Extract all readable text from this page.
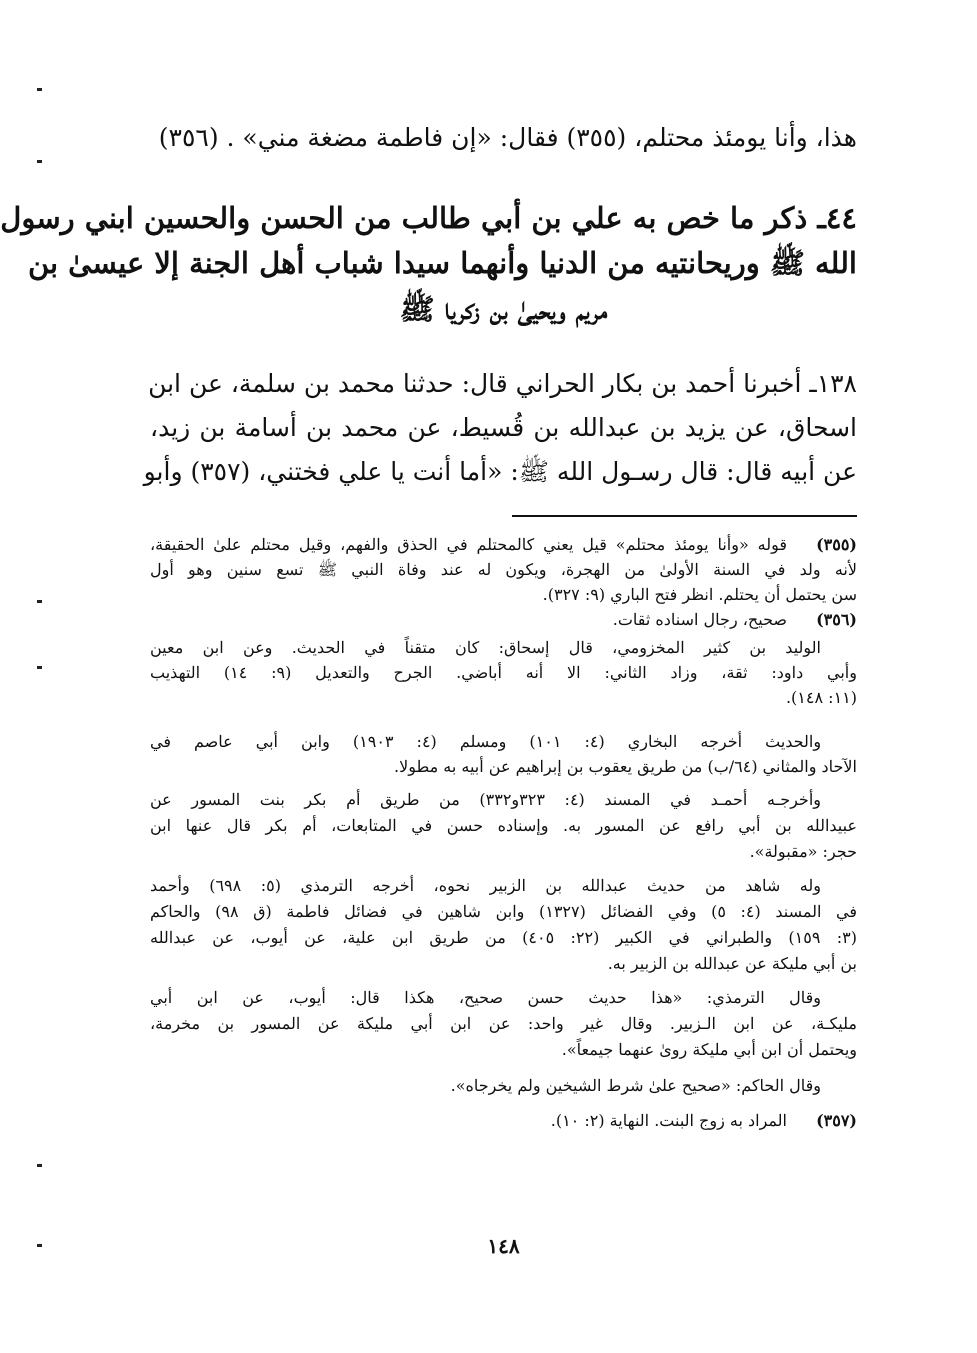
هذا، وأنا يومئذ محتلم، (٣٥٥) فقال: «إن فاطمة مضغة مني» . (٣٥٦)
٤٤ـ ذكر ما خص به علي بن أبي طالب من الحسن والحسين ابني رسول
الله ﷺ وريحانتيه من الدنيا وأنهما سيدا شباب أهل الجنة إلا عيسىٰ بن
مريم ويحيىٰ بن زكريا ﷺ
١٣٨ـ أخبرنا أحمد بن بكار الحراني قال: حدثنا محمد بن سلمة، عن ابن
اسحاق، عن يزيد بن عبدالله بن قُسيط، عن محمد بن أسامة بن زيد،
عن أبيه قال: قال رسـول الله ﷺ: «أما أنت يا علي فختني، (٣٥٧) وأبو
(٣٥٥)
قوله «وأنا يومئذ محتلم» قيل يعني كالمحتلم في الحذق والفهم، وقيل محتلم علىٰ الحقيقة،
لأنه ولد في السنة الأولىٰ من الهجرة، ويكون له عند وفاة النبي ﷺ تسع سنين وهو أول
سن يحتمل أن يحتلم. انظر فتح الباري (٩: ٣٢٧).
(٣٥٦)
صحيح، رجال اسناده ثقات.
الوليد بن كثير المخزومي، قال إسحاق: كان متقناً في الحديث. وعن ابن معين
وأبي داود: ثقة، وزاد الثاني: الا أنه أباضي. الجرح والتعديل (٩: ١٤) التهذيب
(١١: ١٤٨).
والحديث أخرجه البخاري (٤: ١٠١) ومسلم (٤: ١٩٠٣) وابن أبي عاصم في
الآحاد والمثاني (٦٤/ب) من طريق يعقوب بن إبراهيم عن أبيه به مطولا.
وأخرجـه أحمـد في المسند (٤: ٣٢٣و٣٣٢) من طريق أم بكر بنت المسور عن
عبيدالله بن أبي رافع عن المسور به. وإسناده حسن في المتابعات، أم بكر قال عنها ابن
حجر: «مقبولة».
وله شاهد من حديث عبدالله بن الزبير نحوه، أخرجه الترمذي (٥: ٦٩٨) وأحمد
في المسند (٤: ٥) وفي الفضائل (١٣٢٧) وابن شاهين في فضائل فاطمة (ق ٩٨) والحاكم
(٣: ١٥٩) والطبراني في الكبير (٢٢: ٤٠٥) من طريق ابن علية، عن أيوب، عن عبدالله
بن أبي مليكة عن عبدالله بن الزبير به.
وقال الترمذي: «هذا حديث حسن صحيح، هكذا قال: أيوب، عن ابن أبي
مليكـة، عن ابن الـزبير. وقال غير واحد: عن ابن أبي مليكة عن المسور بن مخرمة،
ويحتمل أن ابن أبي مليكة روىٰ عنهما جيمعاً».
وقال الحاكم: «صحيح علىٰ شرط الشيخين ولم يخرجاه».
(٣٥٧)
المراد به زوج البنت. النهاية (٢: ١٠).
١٤٨
